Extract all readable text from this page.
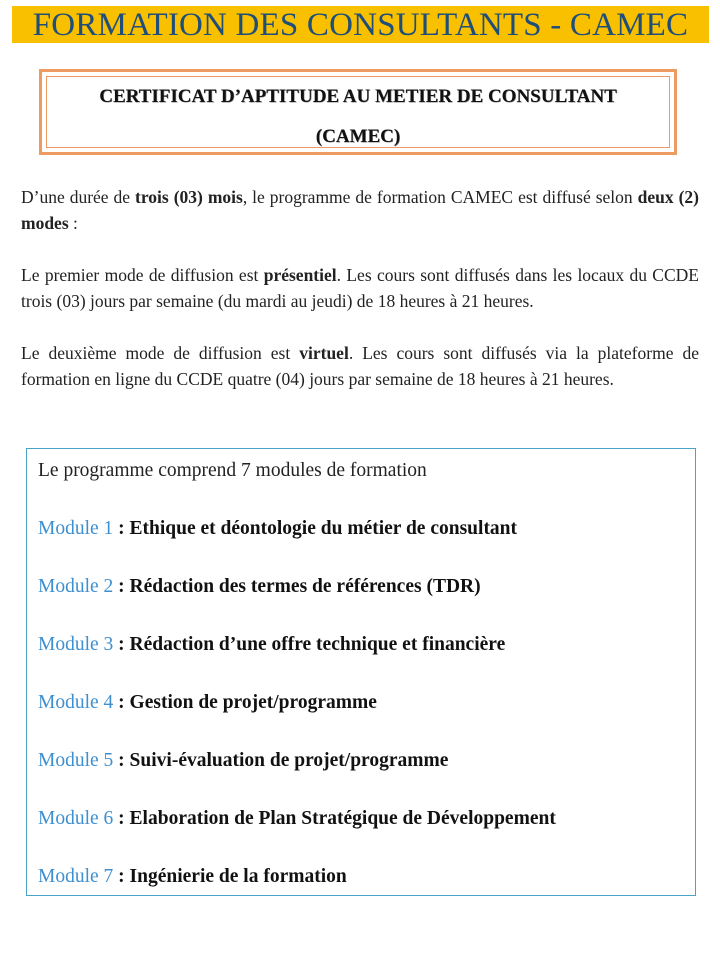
FORMATION DES CONSULTANTS - CAMEC
CERTIFICAT D’APTITUDE AU METIER DE CONSULTANT
(CAMEC)

D’une durée de trois (03) mois, le programme de formation CAMEC est diffusé selon deux (2) modes :

Le premier mode de diffusion est présentiel. Les cours sont diffusés dans les locaux du CCDE trois (03) jours par semaine (du mardi au jeudi) de 18 heures à 21 heures.

Le deuxième mode de diffusion est virtuel. Les cours sont diffusés via la plateforme de formation en ligne du CCDE quatre (04) jours par semaine de 18 heures à 21 heures.

Le programme comprend 7 modules de formation
Module 1 : Ethique et déontologie du métier de consultant
Module 2 : Rédaction des termes de références (TDR)
Module 3 : Rédaction d’une offre technique et financière
Module 4 : Gestion de projet/programme
Module 5 : Suivi-évaluation de projet/programme
Module 6 : Elaboration de Plan Stratégique de Développement
Module 7 : Ingénierie de la formation
